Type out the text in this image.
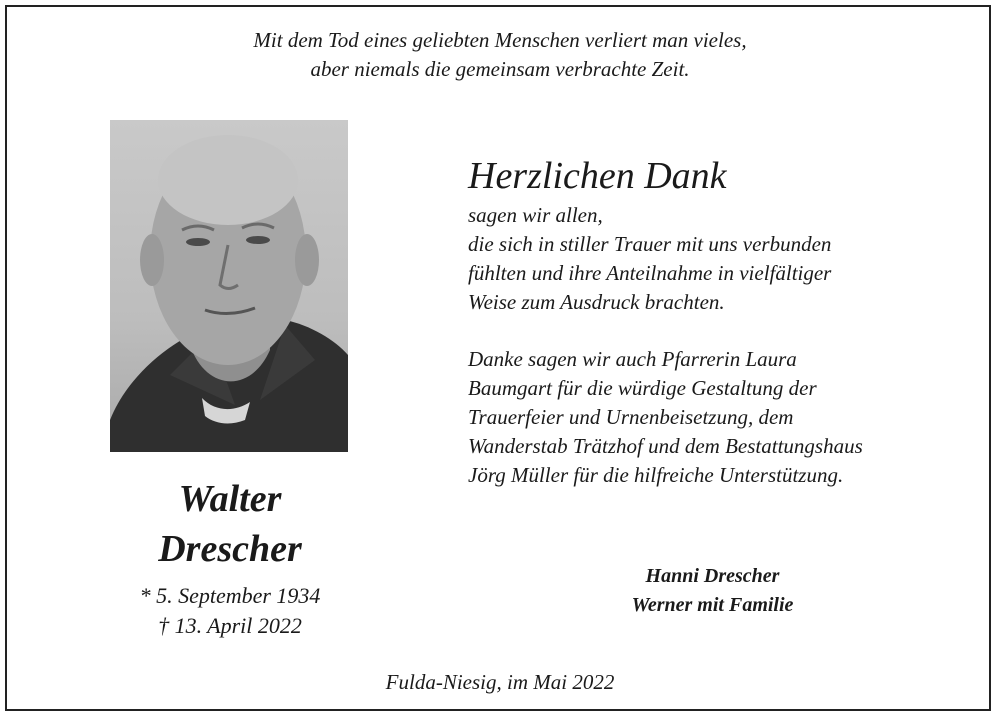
Mit dem Tod eines geliebten Menschen verliert man vieles,
aber niemals die gemeinsam verbrachte Zeit.
Walter
Drescher
* 5. September 1934
† 13. April 2022
Herzlichen Dank
sagen wir allen,
die sich in stiller Trauer mit uns verbunden
fühlten und ihre Anteilnahme in vielfältiger
Weise zum Ausdruck brachten.
Danke sagen wir auch Pfarrerin Laura
Baumgart für die würdige Gestaltung der
Trauerfeier und Urnenbeisetzung, dem
Wanderstab Trätzhof und dem Bestattungshaus
Jörg Müller für die hilfreiche Unterstützung.
Hanni Drescher
Werner mit Familie
Fulda-Niesig, im Mai 2022
